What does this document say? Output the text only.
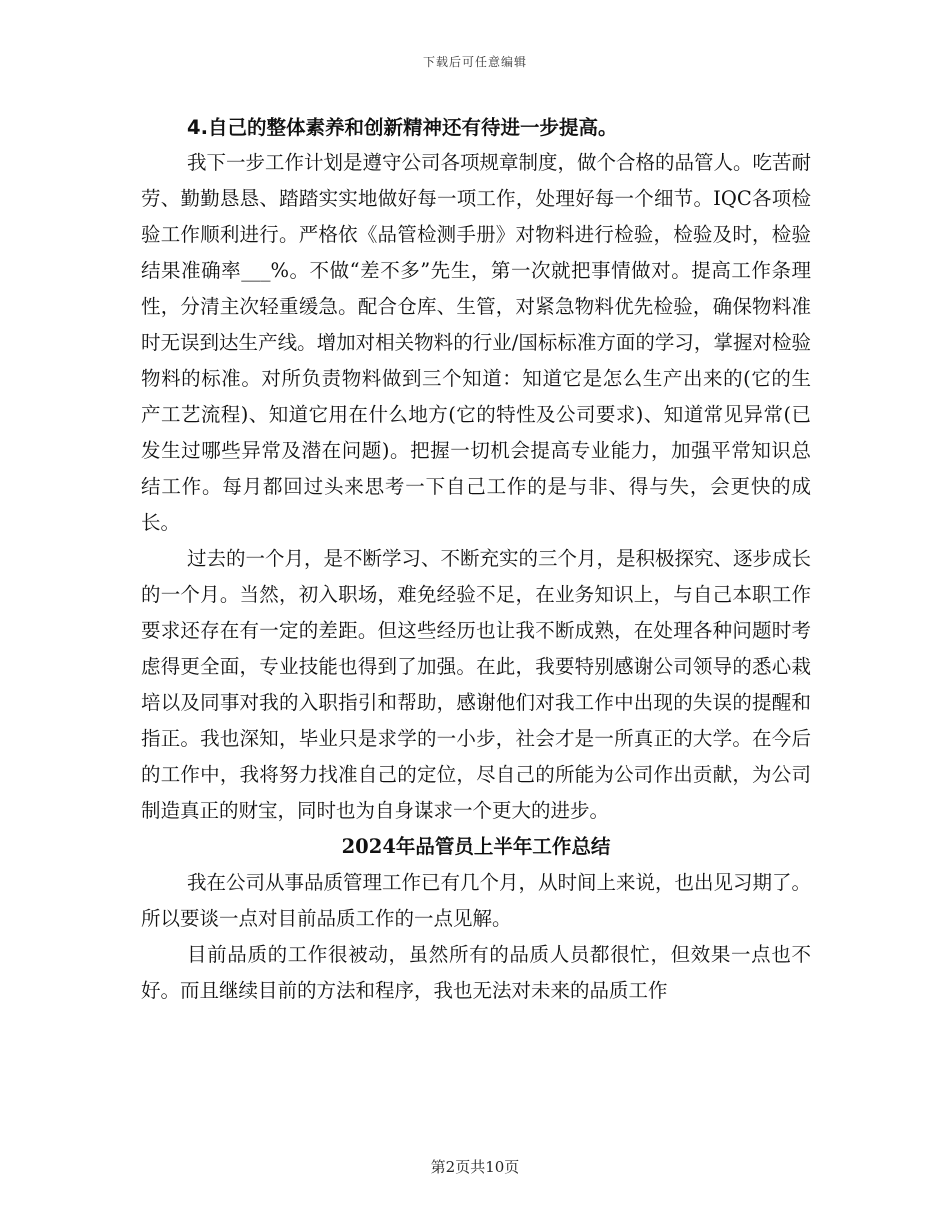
下载后可任意编辑

4.自己的整体素养和创新精神还有待进一步提高。

我下一步工作计划是遵守公司各项规章制度，做个合格的品管人。吃苦耐劳、勤勤恳恳、踏踏实实地做好每一项工作，处理好每一个细节。IQC各项检验工作顺利进行。严格依《品管检测手册》对物料进行检验，检验及时，检验结果准确率___%。不做“差不多”先生，第一次就把事情做对。提高工作条理性，分清主次轻重缓急。配合仓库、生管，对紧急物料优先检验，确保物料准时无误到达生产线。增加对相关物料的行业/国标标准方面的学习，掌握对检验物料的标准。对所负责物料做到三个知道：知道它是怎么生产出来的(它的生产工艺流程)、知道它用在什么地方(它的特性及公司要求)、知道常见异常(已发生过哪些异常及潜在问题)。把握一切机会提高专业能力，加强平常知识总结工作。每月都回过头来思考一下自己工作的是与非、得与失，会更快的成长。

过去的一个月，是不断学习、不断充实的三个月，是积极探究、逐步成长的一个月。当然，初入职场，难免经验不足，在业务知识上，与自己本职工作要求还存在有一定的差距。但这些经历也让我不断成熟，在处理各种问题时考虑得更全面，专业技能也得到了加强。在此，我要特别感谢公司领导的悉心栽培以及同事对我的入职指引和帮助，感谢他们对我工作中出现的失误的提醒和指正。我也深知，毕业只是求学的一小步，社会才是一所真正的大学。在今后的工作中，我将努力找准自己的定位，尽自己的所能为公司作出贡献，为公司制造真正的财宝，同时也为自身谋求一个更大的进步。

2024年品管员上半年工作总结

我在公司从事品质管理工作已有几个月，从时间上来说，也出见习期了。所以要谈一点对目前品质工作的一点见解。

目前品质的工作很被动，虽然所有的品质人员都很忙，但效果一点也不好。而且继续目前的方法和程序，我也无法对未来的品质工作

第2页共10页
